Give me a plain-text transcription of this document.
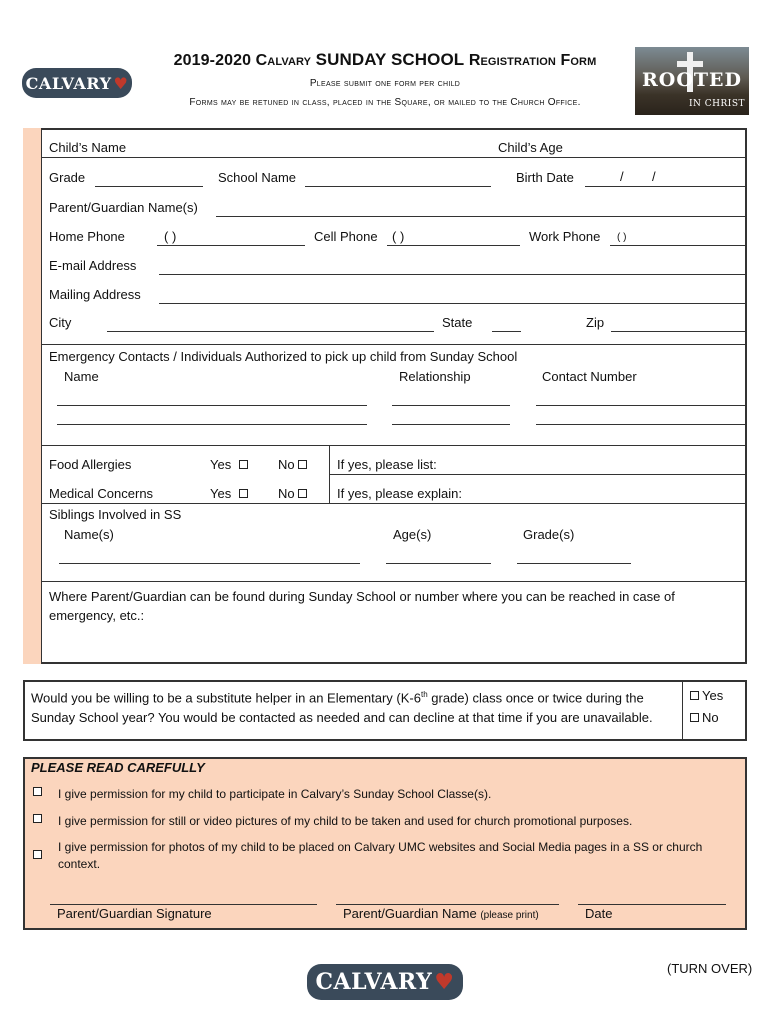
CALVARY ♥
2019-2020 Calvary SUNDAY SCHOOL Registration Form
Please submit one form per child
Forms may be retuned in class, placed in the Square, or mailed to the Church Office.
ROOTED
IN CHRIST
Child’s Name	Child’s Age
Grade	School Name	Birth Date	/ /
Parent/Guardian Name(s)
Home Phone	( )	Cell Phone ( )	Work Phone ( )
E-mail Address
Mailing Address
City	State	Zip
Emergency Contacts / Individuals Authorized to pick up child from Sunday School
Name	Relationship	Contact Number
Food Allergies	Yes	No	If yes, please list:
Medical Concerns	Yes	No	If yes, please explain:
Siblings Involved in SS
Name(s)	Age(s)	Grade(s)
Where Parent/Guardian can be found during Sunday School or number where you can be reached in case of emergency, etc.:
Would you be willing to be a substitute helper in an Elementary (K-6th grade) class once or twice during the Sunday School year? You would be contacted as needed and can decline at that time if you are unavailable.
Yes
No
PLEASE READ CAREFULLY
I give permission for my child to participate in Calvary’s Sunday School Classe(s).
I give permission for still or video pictures of my child to be taken and used for church promotional purposes.
I give permission for photos of my child to be placed on Calvary UMC websites and Social Media pages in a SS or church context.
Parent/Guardian Signature	Parent/Guardian Name (please print)	Date
CALVARY ♥
(TURN OVER)
